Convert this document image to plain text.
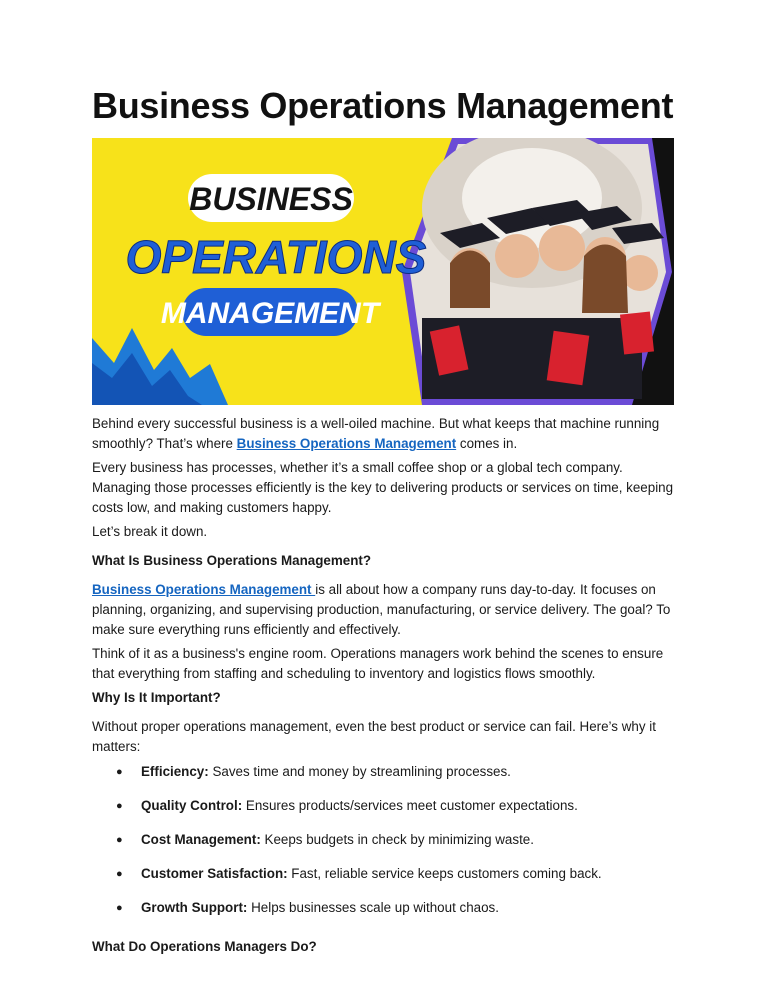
Business Operations Management
BUSINESS
OPERATIONS
MANAGEMENT

Behind every successful business is a well-oiled machine. But what keeps that machine running smoothly? That’s where Business Operations Management comes in.

Every business has processes, whether it’s a small coffee shop or a global tech company. Managing those processes efficiently is the key to delivering products or services on time, keeping costs low, and making customers happy.

Let’s break it down.

What Is Business Operations Management?

Business Operations Management is all about how a company runs day-to-day. It focuses on planning, organizing, and supervising production, manufacturing, or service delivery. The goal? To make sure everything runs efficiently and effectively.

Think of it as a business's engine room. Operations managers work behind the scenes to ensure that everything from staffing and scheduling to inventory and logistics flows smoothly.

Why Is It Important?

Without proper operations management, even the best product or service can fail. Here’s why it matters:

● Efficiency: Saves time and money by streamlining processes.
● Quality Control: Ensures products/services meet customer expectations.
● Cost Management: Keeps budgets in check by minimizing waste.
● Customer Satisfaction: Fast, reliable service keeps customers coming back.
● Growth Support: Helps businesses scale up without chaos.
What Do Operations Managers Do?
